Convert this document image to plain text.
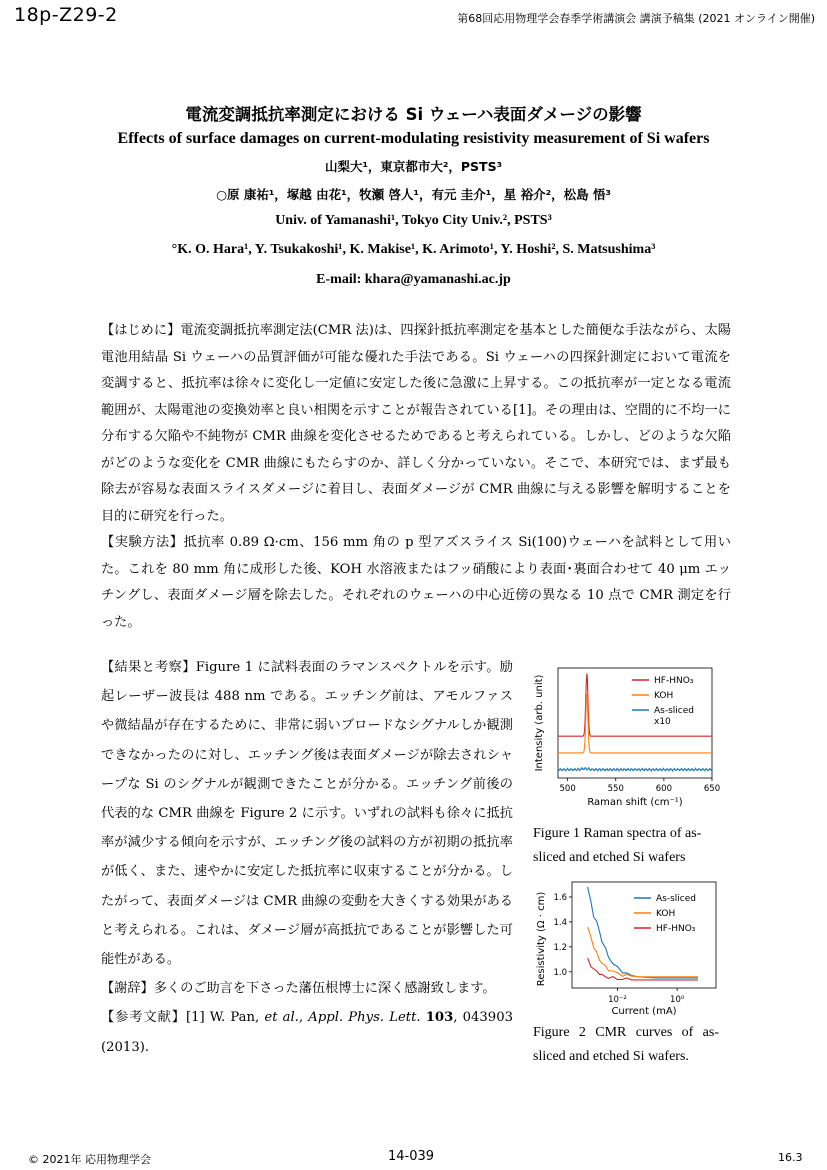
18p-Z29-2	第68回応用物理学会春季学術講演会 講演予稿集 (2021 オンライン開催)
電流変調抵抗率測定における Si ウェーハ表面ダメージの影響
Effects of surface damages on current-modulating resistivity measurement of Si wafers
山梨大¹，東京都市大²，PSTS³
○原 康祐¹，塚越 由花¹，牧瀬 啓人¹，有元 圭介¹，星 裕介²，松島 悟³
Univ. of Yamanashi¹, Tokyo City Univ.², PSTS³
°K. O. Hara¹, Y. Tsukakoshi¹, K. Makise¹, K. Arimoto¹, Y. Hoshi², S. Matsushima³
E-mail: khara@yamanashi.ac.jp

【はじめに】電流変調抵抗率測定法(CMR 法)は、四探針抵抗率測定を基本とした簡便な手法ながら、太陽電池用結晶 Si ウェーハの品質評価が可能な優れた手法である。Si ウェーハの四探針測定において電流を変調すると、抵抗率は徐々に変化し一定値に安定した後に急激に上昇する。この抵抗率が一定となる電流範囲が、太陽電池の変換効率と良い相関を示すことが報告されている[1]。その理由は、空間的に不均一に分布する欠陥や不純物が CMR 曲線を変化させるためであると考えられている。しかし、どのような欠陥がどのような変化を CMR 曲線にもたらすのか、詳しく分かっていない。そこで、本研究では、まず最も除去が容易な表面スライスダメージに着目し、表面ダメージが CMR 曲線に与える影響を解明することを目的に研究を行った。

【実験方法】抵抗率 0.89 Ω·cm、156 mm 角の p 型アズスライス Si(100)ウェーハを試料として用いた。これを 80 mm 角に成形した後、KOH 水溶液またはフッ硝酸により表面･裏面合わせて 40 μm エッチングし、表面ダメージ層を除去した。それぞれのウェーハの中心近傍の異なる 10 点で CMR 測定を行った。

【結果と考察】Figure 1 に試料表面のラマンスペクトルを示す。励起レーザー波長は 488 nm である。エッチング前は、アモルファスや微結晶が存在するために、非常に弱いブロードなシグナルしか観測できなかったのに対し、エッチング後は表面ダメージが除去されシャープな Si のシグナルが観測できたことが分かる。エッチング前後の代表的な CMR 曲線を Figure 2 に示す。いずれの試料も徐々に抵抗率が減少する傾向を示すが、エッチング後の試料の方が初期の抵抗率が低く、また、速やかに安定した抵抗率に収束することが分かる。したがって、表面ダメージは CMR 曲線の変動を大きくする効果があると考えられる。これは、ダメージ層が高抵抗であることが影響した可能性がある。

【謝辞】多くのご助言を下さった藩伍根博士に深く感謝致します。

【参考文献】[1] W. Pan, et al., Appl. Phys. Lett. 103, 043903 (2013).

500	550	600	650
Raman shift (cm⁻¹)
Intensity (arb. unit)	HF-HNO₃
KOH
As-sliced
x10
Figure 1 Raman spectra of as-sliced and etched Si wafers
1.0
1.2
1.4
1.6
10⁻²	10⁰
Current (mA)
Resistivity (Ω · cm)	As-sliced
KOH
HF-HNO₃
Figure 2 CMR curves of as-sliced and etched Si wafers.
© 2021年 応用物理学会	14-039	16.3
